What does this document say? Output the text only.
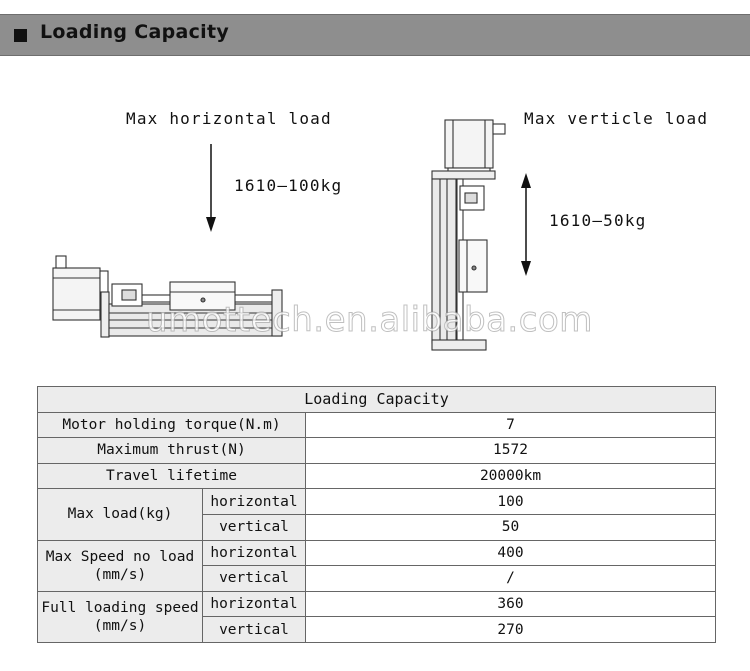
Loading Capacity
Max horizontal load
1610—100kg
Max verticle load
1610—50kg
umottech.en.alibaba.com
Loading Capacity		
Motor holding torque(N.m)		7
Maximum thrust(N)		1572
Travel lifetime		20000km
Max load(kg)	horizontal	100
	vertical	50
Max Speed no load
(mm/s)	horizontal	400
	vertical	/
Full loading speed
(mm/s)	horizontal	360
	vertical	270
